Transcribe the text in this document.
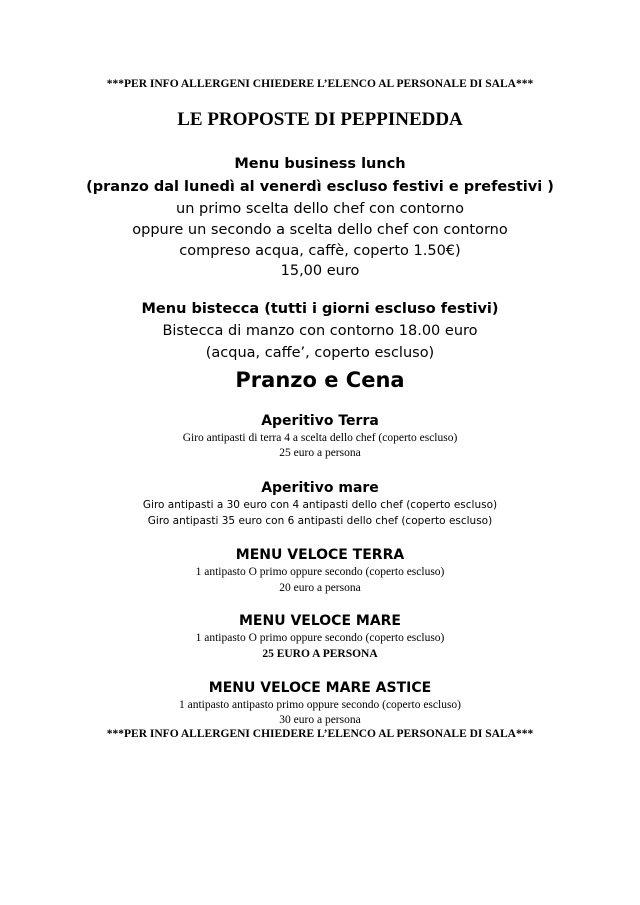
***PER INFO ALLERGENI CHIEDERE L’ELENCO AL PERSONALE DI SALA***
LE PROPOSTE DI PEPPINEDDA
Menu business lunch
(pranzo dal lunedì al venerdì escluso festivi e prefestivi )
un primo scelta dello chef con contorno
oppure un secondo a scelta dello chef con contorno
compreso acqua, caffè, coperto 1.50€)
15,00 euro
Menu bistecca (tutti i giorni escluso festivi)
Bistecca di manzo con contorno 18.00 euro
(acqua, caffe’, coperto escluso)
Pranzo e Cena
Aperitivo Terra
Giro antipasti di terra 4 a scelta dello chef (coperto escluso)
25 euro a persona
Aperitivo mare
Giro antipasti a 30 euro con 4 antipasti dello chef (coperto escluso)
Giro antipasti 35 euro con 6 antipasti dello chef (coperto escluso)
MENU VELOCE TERRA
1 antipasto O primo oppure secondo (coperto escluso)
20 euro a persona
MENU VELOCE MARE
1 antipasto O primo oppure secondo (coperto escluso)
25 EURO A PERSONA
MENU VELOCE MARE ASTICE
1 antipasto antipasto primo oppure secondo (coperto escluso)
30 euro a persona
***PER INFO ALLERGENI CHIEDERE L’ELENCO AL PERSONALE DI SALA***
